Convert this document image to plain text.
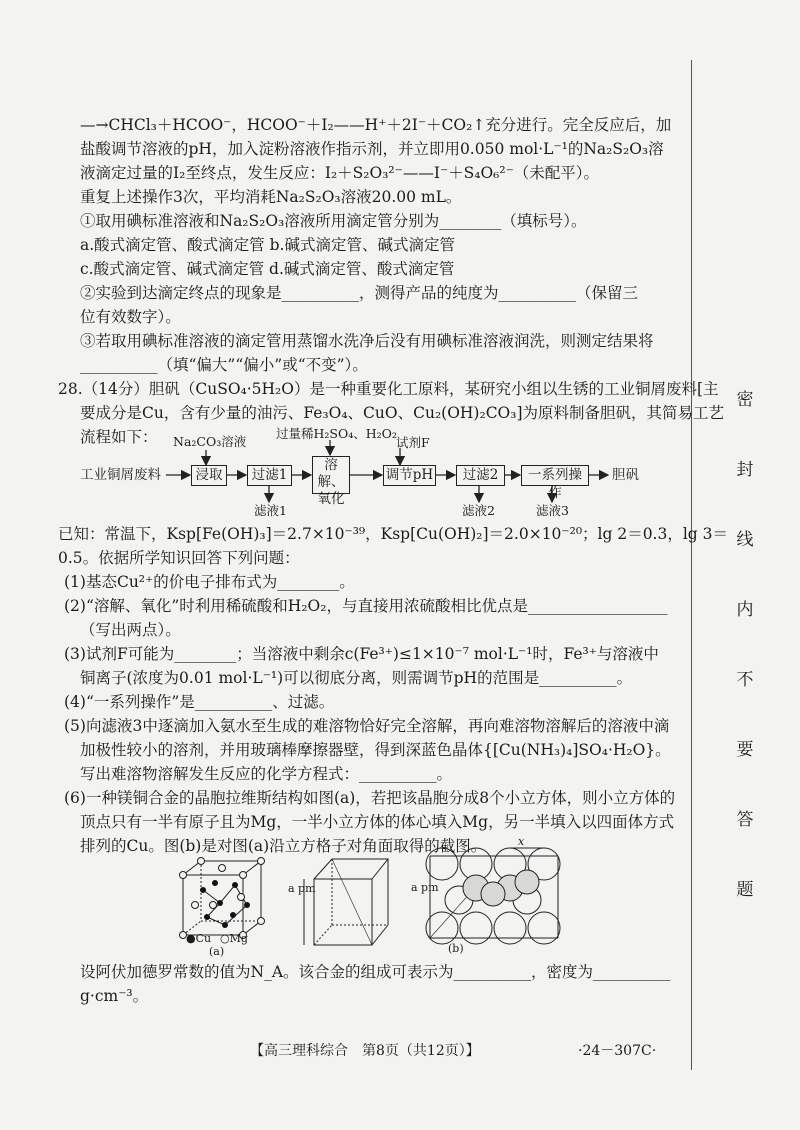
密
封
线
内
不
要
答
题
—→CHCl₃＋HCOO⁻，HCOO⁻＋I₂——H⁺＋2I⁻＋CO₂↑充分进行。完全反应后，加
盐酸调节溶液的pH，加入淀粉溶液作指示剂，并立即用0.050 mol·L⁻¹的Na₂S₂O₃溶
液滴定过量的I₂至终点，发生反应：I₂＋S₂O₃²⁻——I⁻＋S₄O₆²⁻（未配平）。
重复上述操作3次，平均消耗Na₂S₂O₃溶液20.00 mL。
①取用碘标准溶液和Na₂S₂O₃溶液所用滴定管分别为________（填标号）。
a.酸式滴定管、酸式滴定管 b.碱式滴定管、碱式滴定管
c.酸式滴定管、碱式滴定管 d.碱式滴定管、酸式滴定管
②实验到达滴定终点的现象是__________，测得产品的纯度为__________（保留三
位有效数字）。
③若取用碘标准溶液的滴定管用蒸馏水洗净后没有用碘标准溶液润洗，则测定结果将
__________（填“偏大”“偏小”或“不变”）。
28.（14分）胆矾（CuSO₄·5H₂O）是一种重要化工原料，某研究小组以生锈的工业铜屑废料[主
要成分是Cu，含有少量的油污、Fe₃O₄、CuO、Cu₂(OH)₂CO₃]为原料制备胆矾，其简易工艺
流程如下：
工业铜屑废料	浸取	过滤1
溶解、氧化
调节pH	过滤2	一系列操作
胆矾
Na₂CO₃溶液
过量稀H₂SO₄、H₂O₂
试剂F
滤液1	滤液2	滤液3
已知：常温下，Ksp[Fe(OH)₃]＝2.7×10⁻³⁹，Ksp[Cu(OH)₂]＝2.0×10⁻²⁰；lg 2＝0.3，lg 3＝
0.5。依据所学知识回答下列问题：
(1)基态Cu²⁺的价电子排布式为________。
(2)“溶解、氧化”时利用稀硫酸和H₂O₂，与直接用浓硫酸相比优点是__________________
（写出两点）。
(3)试剂F可能为________；当溶液中剩余c(Fe³⁺)≤1×10⁻⁷ mol·L⁻¹时，Fe³⁺与溶液中
铜离子(浓度为0.01 mol·L⁻¹)可以彻底分离，则需调节pH的范围是__________。
(4)“一系列操作”是__________、过滤。
(5)向滤液3中逐滴加入氨水至生成的难溶物恰好完全溶解，再向难溶物溶解后的溶液中滴
加极性较小的溶剂，并用玻璃棒摩擦器壁，得到深蓝色晶体{[Cu(NH₃)₄]SO₄·H₂O}。
写出难溶物溶解发生反应的化学方程式：__________。
(6)一种镁铜合金的晶胞拉维斯结构如图(a)，若把该晶胞分成8个小立方体，则小立方体的
顶点只有一半有原子且为Mg，一半小立方体的体心填入Mg，另一半填入以四面体方式
排列的Cu。图(b)是对图(a)沿立方格子对角面取得的截图。
●Cu ○Mg
(a)
a pm	a pm
x
(b)
设阿伏加德罗常数的值为N_A。该合金的组成可表示为__________，密度为__________
g·cm⁻³。
【高三理科综合　第8页（共12页）】	·24－307C·
